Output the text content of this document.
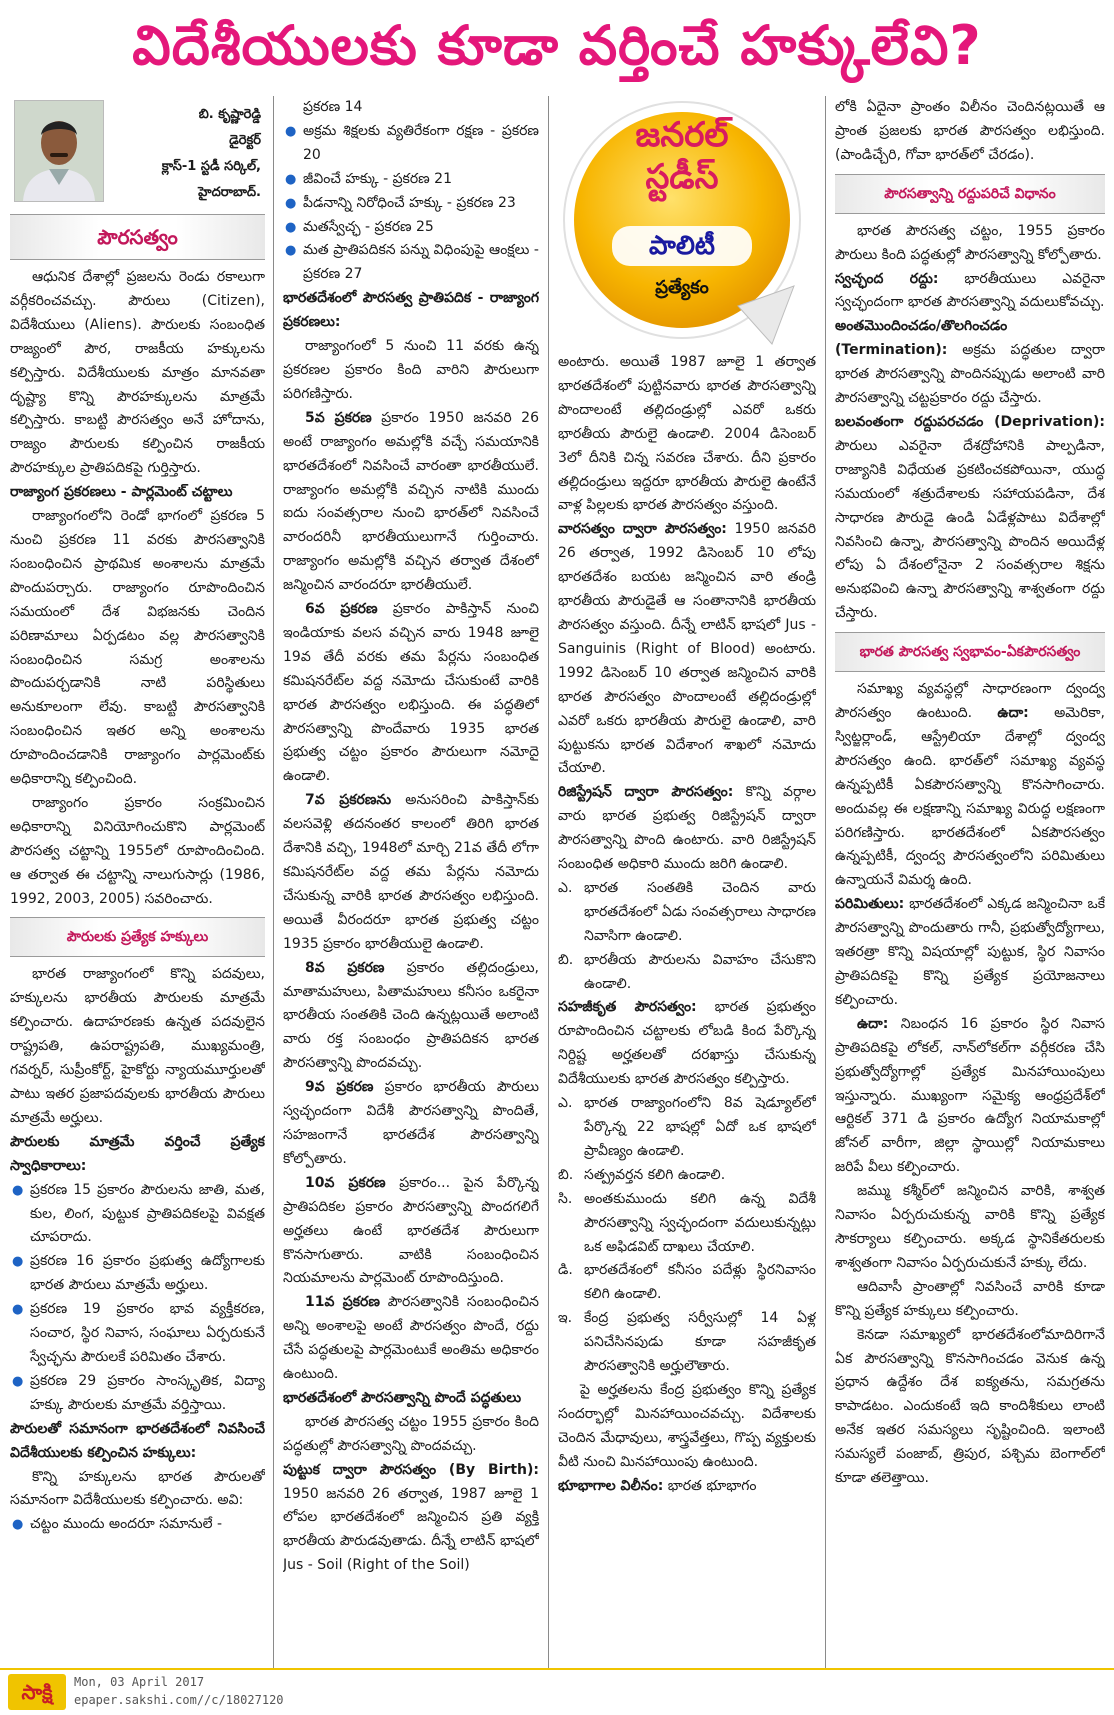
విదేశీయులకు కూడా వర్తించే హక్కులేవి?
బి. కృష్ణారెడ్డి
డైరెక్టర్
క్లాస్-1 స్టడీ సర్కిల్,
హైదరాబాద్.
పౌరసత్వం

ఆధునిక దేశాల్లో ప్రజలను రెండు రకాలుగా వర్గీకరించవచ్చు. పౌరులు (Citizen), విదేశీయులు (Aliens). పౌరులకు సంబంధిత రాజ్యంలో పౌర, రాజకీయ హక్కులను కల్పిస్తారు. విదేశీయులకు మాత్రం మానవతా దృష్ట్యా కొన్ని పౌరహక్కులను మాత్రమే కల్పిస్తారు. కాబట్టి పౌరసత్వం అనే హోదాను, రాజ్యం పౌరులకు కల్పించిన రాజకీయ పౌరహక్కుల ప్రాతిపదికపై గుర్తిస్తారు.

రాజ్యాంగ ప్రకరణలు - పార్లమెంట్ చట్టాలు

రాజ్యాంగంలోని రెండో భాగంలో ప్రకరణ 5 నుంచి ప్రకరణ 11 వరకు పౌరసత్వానికి సంబంధించిన ప్రాథమిక అంశాలను మాత్రమే పొందుపర్చారు. రాజ్యాంగం రూపొందించిన సమయంలో దేశ విభజనకు చెందిన పరిణామాలు ఏర్పడటం వల్ల పౌరసత్వానికి సంబంధించిన సమగ్ర అంశాలను పొందుపర్చడానికి నాటి పరిస్థితులు అనుకూలంగా లేవు. కాబట్టి పౌరసత్వానికి సంబంధించిన ఇతర అన్ని అంశాలను రూపొందించడానికి రాజ్యాంగం పార్లమెంట్‌కు అధికారాన్ని కల్పించింది.

రాజ్యాంగం ప్రకారం సంక్రమించిన అధికారాన్ని వినియోగించుకొని పార్లమెంట్ పౌరసత్వ చట్టాన్ని 1955లో రూపొందించింది. ఆ తర్వాత ఈ చట్టాన్ని నాలుగుసార్లు (1986, 1992, 2003, 2005) సవరించారు.

పౌరులకు ప్రత్యేక హక్కులు

భారత రాజ్యాంగంలో కొన్ని పదవులు, హక్కులను భారతీయ పౌరులకు మాత్రమే కల్పించారు. ఉదాహరణకు ఉన్నత పదవులైన రాష్ట్రపతి, ఉపరాష్ట్రపతి, ముఖ్యమంత్రి, గవర్నర్, సుప్రీంకోర్ట్, హైకోర్టు న్యాయమూర్తులతో పాటు ఇతర ప్రజాపదవులకు భారతీయ పౌరులు మాత్రమే అర్హులు.

పౌరులకు మాత్రమే వర్తించే ప్రత్యేక స్వాధికారాలు:

● ప్రకరణ 15 ప్రకారం పౌరులను జాతి, మత, కుల, లింగ, పుట్టుక ప్రాతిపదికలపై వివక్షత చూపరాదు.
● ప్రకరణ 16 ప్రకారం ప్రభుత్వ ఉద్యోగాలకు భారత పౌరులు మాత్రమే అర్హులు.
● ప్రకరణ 19 ప్రకారం భావ వ్యక్తీకరణ, సంచార, స్థిర నివాస, సంఘాలు ఏర్పరుకునే స్వేచ్ఛను పౌరులకే పరిమితం చేశారు.
● ప్రకరణ 29 ప్రకారం సాంస్కృతిక, విద్యా హక్కు పౌరులకు మాత్రమే వర్తిస్తాయి.

పౌరులతో సమానంగా భారతదేశంలో నివసించే విదేశీయులకు కల్పించిన హక్కులు:

కొన్ని హక్కులను భారత పౌరులతో సమానంగా విదేశీయులకు కల్పించారు. అవి:

● చట్టం ముందు అందరూ సమానులే -

ప్రకరణ 14

● అక్రమ శిక్షలకు వ్యతిరేకంగా రక్షణ - ప్రకరణ 20
● జీవించే హక్కు - ప్రకరణ 21
● పీడనాన్ని నిరోధించే హక్కు - ప్రకరణ 23
● మతస్వేచ్ఛ - ప్రకరణ 25
● మత ప్రాతిపదికన పన్ను విధింపుపై ఆంక్షలు - ప్రకరణ 27

భారతదేశంలో పౌరసత్వ ప్రాతిపదిక - రాజ్యాంగ ప్రకరణలు:

రాజ్యాంగంలో 5 నుంచి 11 వరకు ఉన్న ప్రకరణల ప్రకారం కింది వారిని పౌరులుగా పరిగణిస్తారు.

5వ ప్రకరణ ప్రకారం 1950 జనవరి 26 అంటే రాజ్యాంగం అమల్లోకి వచ్చే సమయానికి భారతదేశంలో నివసించే వారంతా భారతీయులే. రాజ్యాంగం అమల్లోకి వచ్చిన నాటికి ముందు ఐదు సంవత్సరాల నుంచి భారత్‌లో నివసించే వారందరినీ భారతీయులుగానే గుర్తించారు. రాజ్యాంగం అమల్లోకి వచ్చిన తర్వాత దేశంలో జన్మించిన వారందరూ భారతీయులే.

6వ ప్రకరణ ప్రకారం పాకిస్తాన్ నుంచి ఇండియాకు వలస వచ్చిన వారు 1948 జూలై 19వ తేదీ వరకు తమ పేర్లను సంబంధిత కమిషనరేట్‌ల వద్ద నమోదు చేసుకుంటే వారికి భారత పౌరసత్వం లభిస్తుంది. ఈ పద్ధతిలో పౌరసత్వాన్ని పొందేవారు 1935 భారత ప్రభుత్వ చట్టం ప్రకారం పౌరులుగా నమోదై ఉండాలి.

7వ ప్రకరణను అనుసరించి పాకిస్తాన్‌కు వలసవెళ్లి తదనంతర కాలంలో తిరిగి భారత దేశానికి వచ్చి, 1948లో మార్చి 21వ తేదీ లోగా కమిషనరేట్‌ల వద్ద తమ పేర్లను నమోదు చేసుకున్న వారికి భారత పౌరసత్వం లభిస్తుంది. అయితే వీరందరూ భారత ప్రభుత్వ చట్టం 1935 ప్రకారం భారతీయులై ఉండాలి.

8వ ప్రకరణ ప్రకారం తల్లిదండ్రులు, మాతామహులు, పితామహులు కనీసం ఒకరైనా భారతీయ సంతతికి చెంది ఉన్నట్లయితే అలాంటి వారు రక్త సంబంధం ప్రాతిపదికన భారత పౌరసత్వాన్ని పొందవచ్చు.

9వ ప్రకరణ ప్రకారం భారతీయ పౌరులు స్వచ్ఛందంగా విదేశీ పౌరసత్వాన్ని పొందితే, సహజంగానే భారతదేశ పౌరసత్వాన్ని కోల్పోతారు.

10వ ప్రకరణ ప్రకారం... పైన పేర్కొన్న ప్రాతిపదికల ప్రకారం పౌరసత్వాన్ని పొందగలిగే అర్హతలు ఉంటే భారతదేశ పౌరులుగా కొనసాగుతారు. వాటికి సంబంధించిన నియమాలను పార్లమెంట్ రూపొందిస్తుంది.

11వ ప్రకరణ పౌరసత్వానికి సంబంధించిన అన్ని అంశాలపై అంటే పౌరసత్వం పొందే, రద్దు చేసే పద్ధతులపై పార్లమెంటుకే అంతిమ అధికారం ఉంటుంది.

భారతదేశంలో పౌరసత్వాన్ని పొందే పద్ధతులు

భారత పౌరసత్వ చట్టం 1955 ప్రకారం కింది పద్ధతుల్లో పౌరసత్వాన్ని పొందవచ్చు.

పుట్టుక ద్వారా పౌరసత్వం (By Birth): 1950 జనవరి 26 తర్వాత, 1987 జూలై 1 లోపల భారతదేశంలో జన్మించిన ప్రతి వ్యక్తి భారతీయ పౌరుడవుతాడు. దీన్నే లాటిన్ భాషలో Jus - Soil (Right of the Soil)

జనరల్
స్టడీస్
పాలిటీ
ప్రత్యేకం

అంటారు. అయితే 1987 జూలై 1 తర్వాత భారతదేశంలో పుట్టినవారు భారత పౌరసత్వాన్ని పొందాలంటే తల్లిదండ్రుల్లో ఎవరో ఒకరు భారతీయ పౌరులై ఉండాలి. 2004 డిసెంబర్ 3లో దీనికి చిన్న సవరణ చేశారు. దీని ప్రకారం తల్లిదండ్రులు ఇద్దరూ భారతీయ పౌరులై ఉంటేనే వాళ్ల పిల్లలకు భారత పౌరసత్వం వస్తుంది.

వారసత్వం ద్వారా పౌరసత్వం: 1950 జనవరి 26 తర్వాత, 1992 డిసెంబర్ 10 లోపు భారతదేశం బయట జన్మించిన వారి తండ్రి భారతీయ పౌరుడైతే ఆ సంతానానికి భారతీయ పౌరసత్వం వస్తుంది. దీన్నే లాటిన్ భాషలో Jus - Sanguinis (Right of Blood) అంటారు. 1992 డిసెంబర్ 10 తర్వాత జన్మించిన వారికి భారత పౌరసత్వం పొందాలంటే తల్లిదండ్రుల్లో ఎవరో ఒకరు భారతీయ పౌరులై ఉండాలి, వారి పుట్టుకను భారత విదేశాంగ శాఖలో నమోదు చేయాలి.

రిజిస్ట్రేషన్ ద్వారా పౌరసత్వం: కొన్ని వర్గాల వారు భారత ప్రభుత్వ రిజిస్ట్రేషన్ ద్వారా పౌరసత్వాన్ని పొంది ఉంటారు. వారి రిజిస్ట్రేషన్ సంబంధిత అధికారి ముందు జరిగి ఉండాలి.

ఎ. భారత సంతతికి చెందిన వారు భారతదేశంలో ఏడు సంవత్సరాలు సాధారణ నివాసిగా ఉండాలి.
బి. భారతీయ పౌరులను వివాహం చేసుకొని ఉండాలి.

సహజీకృత పౌరసత్వం: భారత ప్రభుత్వం రూపొందించిన చట్టాలకు లోబడి కింద పేర్కొన్న నిర్దిష్ట అర్హతలతో దరఖాస్తు చేసుకున్న విదేశీయులకు భారత పౌరసత్వం కల్పిస్తారు.

ఎ. భారత రాజ్యాంగంలోని 8వ షెడ్యూల్‌లో పేర్కొన్న 22 భాషల్లో ఏదో ఒక భాషలో ప్రావీణ్యం ఉండాలి.
బి. సత్ప్రవర్తన కలిగి ఉండాలి.
సి. అంతకుముందు కలిగి ఉన్న విదేశీ పౌరసత్వాన్ని స్వచ్ఛందంగా వదులుకున్నట్లు ఒక అఫిడవిట్ దాఖలు చేయాలి.
డి. భారతదేశంలో కనీసం పదేళ్లు స్థిరనివాసం కలిగి ఉండాలి.
ఇ. కేంద్ర ప్రభుత్వ సర్వీసుల్లో 14 ఏళ్ల పనిచేసినపుడు కూడా సహజీకృత పౌరసత్వానికి అర్హులౌతారు.

పై అర్హతలను కేంద్ర ప్రభుత్వం కొన్ని ప్రత్యేక సందర్భాల్లో మినహాయించవచ్చు. విదేశాలకు చెందిన మేధావులు, శాస్త్రవేత్తలు, గొప్ప వ్యక్తులకు వీటి నుంచి మినహాయింపు ఉంటుంది.

భూభాగాల విలీనం: భారత భూభాగం

లోకి ఏదైనా ప్రాంతం విలీనం చెందినట్లయితే ఆ ప్రాంత ప్రజలకు భారత పౌరసత్వం లభిస్తుంది. (పాండిచ్చేరి, గోవా భారత్‌లో చేరడం).

పౌరసత్వాన్ని రద్దుపరిచే విధానం

భారత పౌరసత్వ చట్టం, 1955 ప్రకారం పౌరులు కింది పద్ధతుల్లో పౌరసత్వాన్ని కోల్పోతారు.

స్వచ్ఛంద రద్దు: భారతీయులు ఎవరైనా స్వచ్ఛందంగా భారత పౌరసత్వాన్ని వదులుకోవచ్చు.

అంతమొందించడం/తొలగించడం (Termination): అక్రమ పద్ధతుల ద్వారా భారత పౌరసత్వాన్ని పొందినప్పుడు అలాంటి వారి పౌరసత్వాన్ని చట్టప్రకారం రద్దు చేస్తారు.

బలవంతంగా రద్దుపరచడం (Deprivation): పౌరులు ఎవరైనా దేశద్రోహానికి పాల్పడినా, రాజ్యానికి విధేయత ప్రకటించకపోయినా, యుద్ధ సమయంలో శత్రుదేశాలకు సహాయపడినా, దేశ సాధారణ పౌరుడై ఉండి ఏడేళ్లపాటు విదేశాల్లో నివసించి ఉన్నా, పౌరసత్వాన్ని పొందిన అయిదేళ్ల లోపు ఏ దేశంలోనైనా 2 సంవత్సరాల శిక్షను అనుభవించి ఉన్నా పౌరసత్వాన్ని శాశ్వతంగా రద్దు చేస్తారు.

భారత పౌరసత్వ స్వభావం-ఏకపౌరసత్వం

సమాఖ్య వ్యవస్థల్లో సాధారణంగా ద్వంద్వ పౌరసత్వం ఉంటుంది. ఉదా: అమెరికా, స్విట్జర్లాండ్, ఆస్ట్రేలియా దేశాల్లో ద్వంద్వ పౌరసత్వం ఉంది. భారత్‌లో సమాఖ్య వ్యవస్థ ఉన్నప్పటికీ ఏకపౌరసత్వాన్ని కొనసాగించారు. అందువల్ల ఈ లక్షణాన్ని సమాఖ్య విరుద్ధ లక్షణంగా పరిగణిస్తారు. భారతదేశంలో ఏకపౌరసత్వం ఉన్నప్పటికీ, ద్వంద్వ పౌరసత్వంలోని పరిమితులు ఉన్నాయనే విమర్శ ఉంది.

పరిమితులు: భారతదేశంలో ఎక్కడ జన్మించినా ఒకే పౌరసత్వాన్ని పొందుతారు గానీ, ప్రభుత్వోద్యోగాలు, ఇతరత్రా కొన్ని విషయాల్లో పుట్టుక, స్థిర నివాసం ప్రాతిపదికపై కొన్ని ప్రత్యేక ప్రయోజనాలు కల్పించారు.

ఉదా: నిబంధన 16 ప్రకారం స్థిర నివాస ప్రాతిపదికపై లోకల్, నాన్‌లోకల్‌గా వర్గీకరణ చేసి ప్రభుత్వోద్యోగాల్లో ప్రత్యేక మినహాయింపులు ఇస్తున్నారు. ముఖ్యంగా సమైక్య ఆంధ్రప్రదేశ్‌లో ఆర్టికల్ 371 డి ప్రకారం ఉద్యోగ నియామకాల్లో జోనల్ వారీగా, జిల్లా స్థాయిల్లో నియామకాలు జరిపే వీలు కల్పించారు.

జమ్ము కశ్మీర్‌లో జన్మించిన వారికి, శాశ్వత నివాసం ఏర్పరుచుకున్న వారికి కొన్ని ప్రత్యేక సౌకర్యాలు కల్పించారు. అక్కడ స్థానికేతరులకు శాశ్వతంగా నివాసం ఏర్పరుచుకునే హక్కు లేదు.

ఆదివాసీ ప్రాంతాల్లో నివసించే వారికి కూడా కొన్ని ప్రత్యేక హక్కులు కల్పించారు.

కెనడా సమాఖ్యలో భారతదేశంలోమాదిరిగానే ఏక పౌరసత్వాన్ని కొనసాగించడం వెనుక ఉన్న ప్రధాన ఉద్దేశం దేశ ఐక్యతను, సమగ్రతను కాపాడటం. ఎందుకంటే ఇది కాందిశీకులు లాంటి అనేక ఇతర సమస్యలు సృష్టించింది. ఇలాంటి సమస్యలే పంజాబ్, త్రిపుర, పశ్చిమ బెంగాల్‌లో కూడా తలెత్తాయి.

సాక్షి	Mon, 03 April 2017
epaper.sakshi.com//c/18027120
